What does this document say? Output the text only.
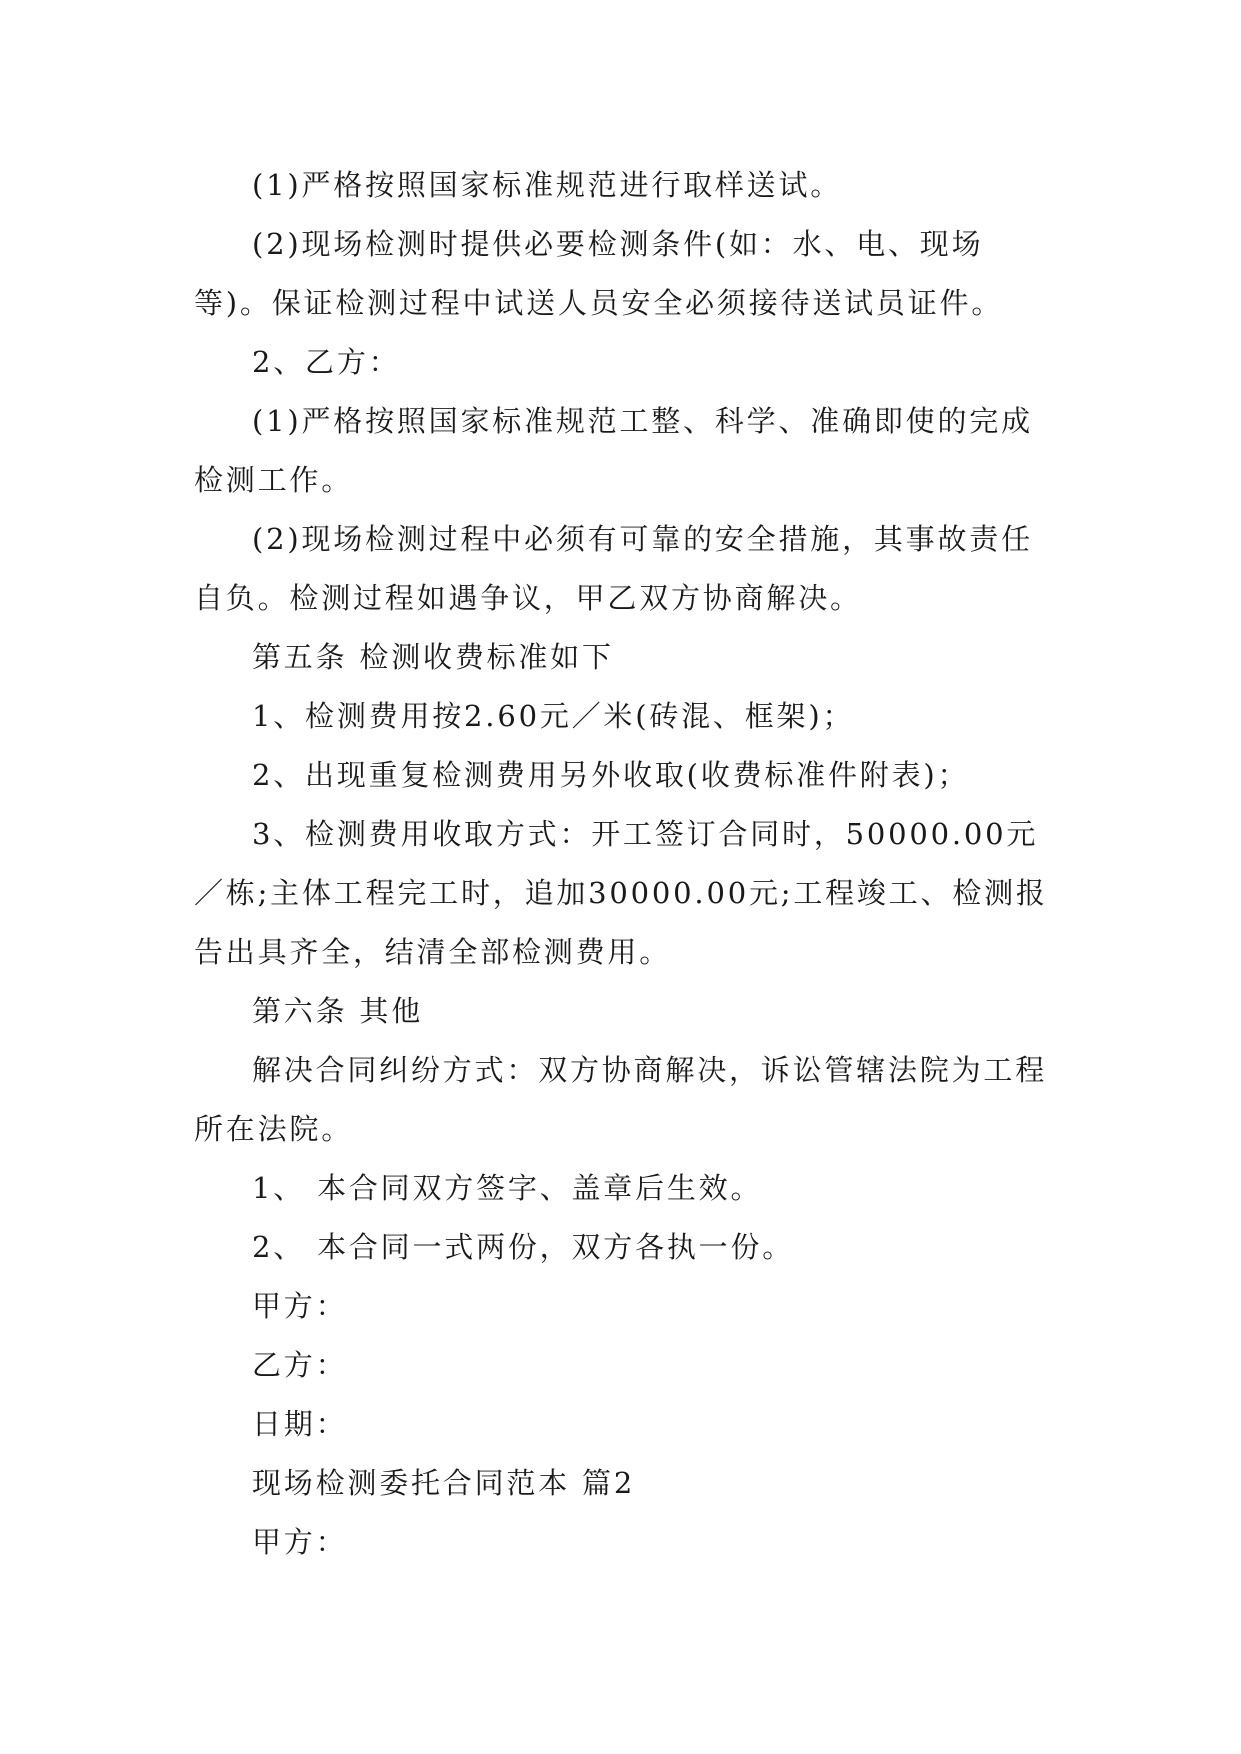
(1)严格按照国家标准规范进行取样送试。

(2)现场检测时提供必要检测条件(如：水、电、现场等)。保证检测过程中试送人员安全必须接待送试员证件。

2、乙方：

(1)严格按照国家标准规范工整、科学、准确即使的完成检测工作。

(2)现场检测过程中必须有可靠的安全措施，其事故责任自负。检测过程如遇争议，甲乙双方协商解决。

第五条 检测收费标准如下

1、检测费用按2.60元／米(砖混、框架)；

2、出现重复检测费用另外收取(收费标准件附表)；

3、检测费用收取方式：开工签订合同时，50000.00元／栋;主体工程完工时，追加30000.00元;工程竣工、检测报告出具齐全，结清全部检测费用。

第六条 其他

解决合同纠纷方式：双方协商解决，诉讼管辖法院为工程所在法院。

1、 本合同双方签字、盖章后生效。

2、 本合同一式两份，双方各执一份。

甲方：

乙方：

日期：

现场检测委托合同范本 篇2

甲方：
